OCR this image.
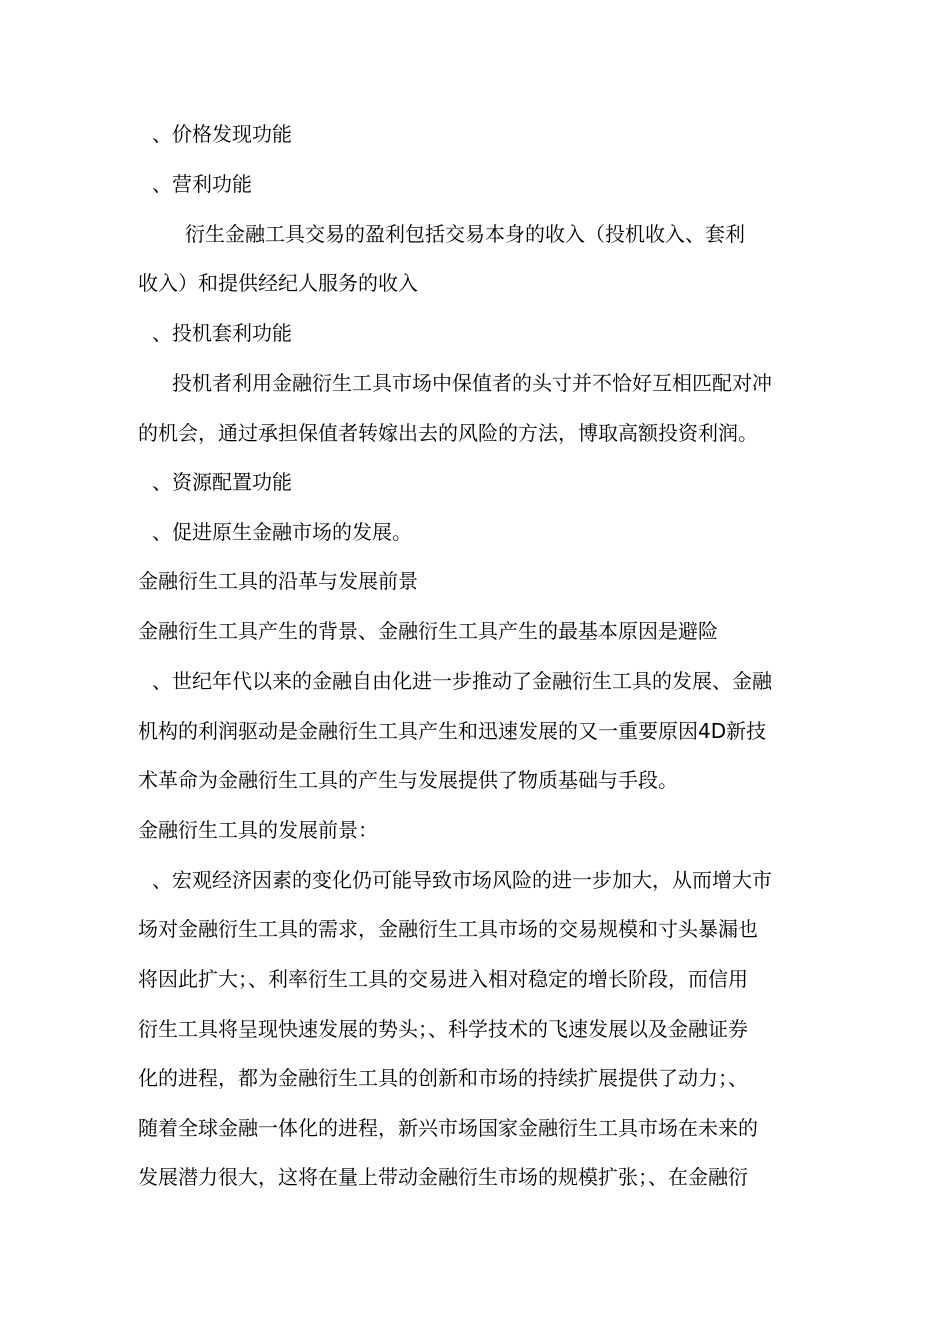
、价格发现功能
、营利功能
衍生金融工具交易的盈利包括交易本身的收入（投机收入、套利
收入）和提供经纪人服务的收入
、投机套利功能
投机者利用金融衍生工具市场中保值者的头寸并不恰好互相匹配对冲
的机会，通过承担保值者转嫁出去的风险的方法，博取高额投资利润。
、资源配置功能
、促进原生金融市场的发展。
金融衍生工具的沿革与发展前景
金融衍生工具产生的背景、金融衍生工具产生的最基本原因是避险
、世纪年代以来的金融自由化进一步推动了金融衍生工具的发展、金融
机构的利润驱动是金融衍生工具产生和迅速发展的又一重要原因4D新技
术革命为金融衍生工具的产生与发展提供了物质基础与手段。
金融衍生工具的发展前景：
、宏观经济因素的变化仍可能导致市场风险的进一步加大，从而增大市
场对金融衍生工具的需求，金融衍生工具市场的交易规模和寸头暴漏也
将因此扩大；、利率衍生工具的交易进入相对稳定的增长阶段，而信用
衍生工具将呈现快速发展的势头；、科学技术的飞速发展以及金融证券
化的进程，都为金融衍生工具的创新和市场的持续扩展提供了动力；、
随着全球金融一体化的进程，新兴市场国家金融衍生工具市场在未来的
发展潜力很大，这将在量上带动金融衍生市场的规模扩张；、在金融衍
